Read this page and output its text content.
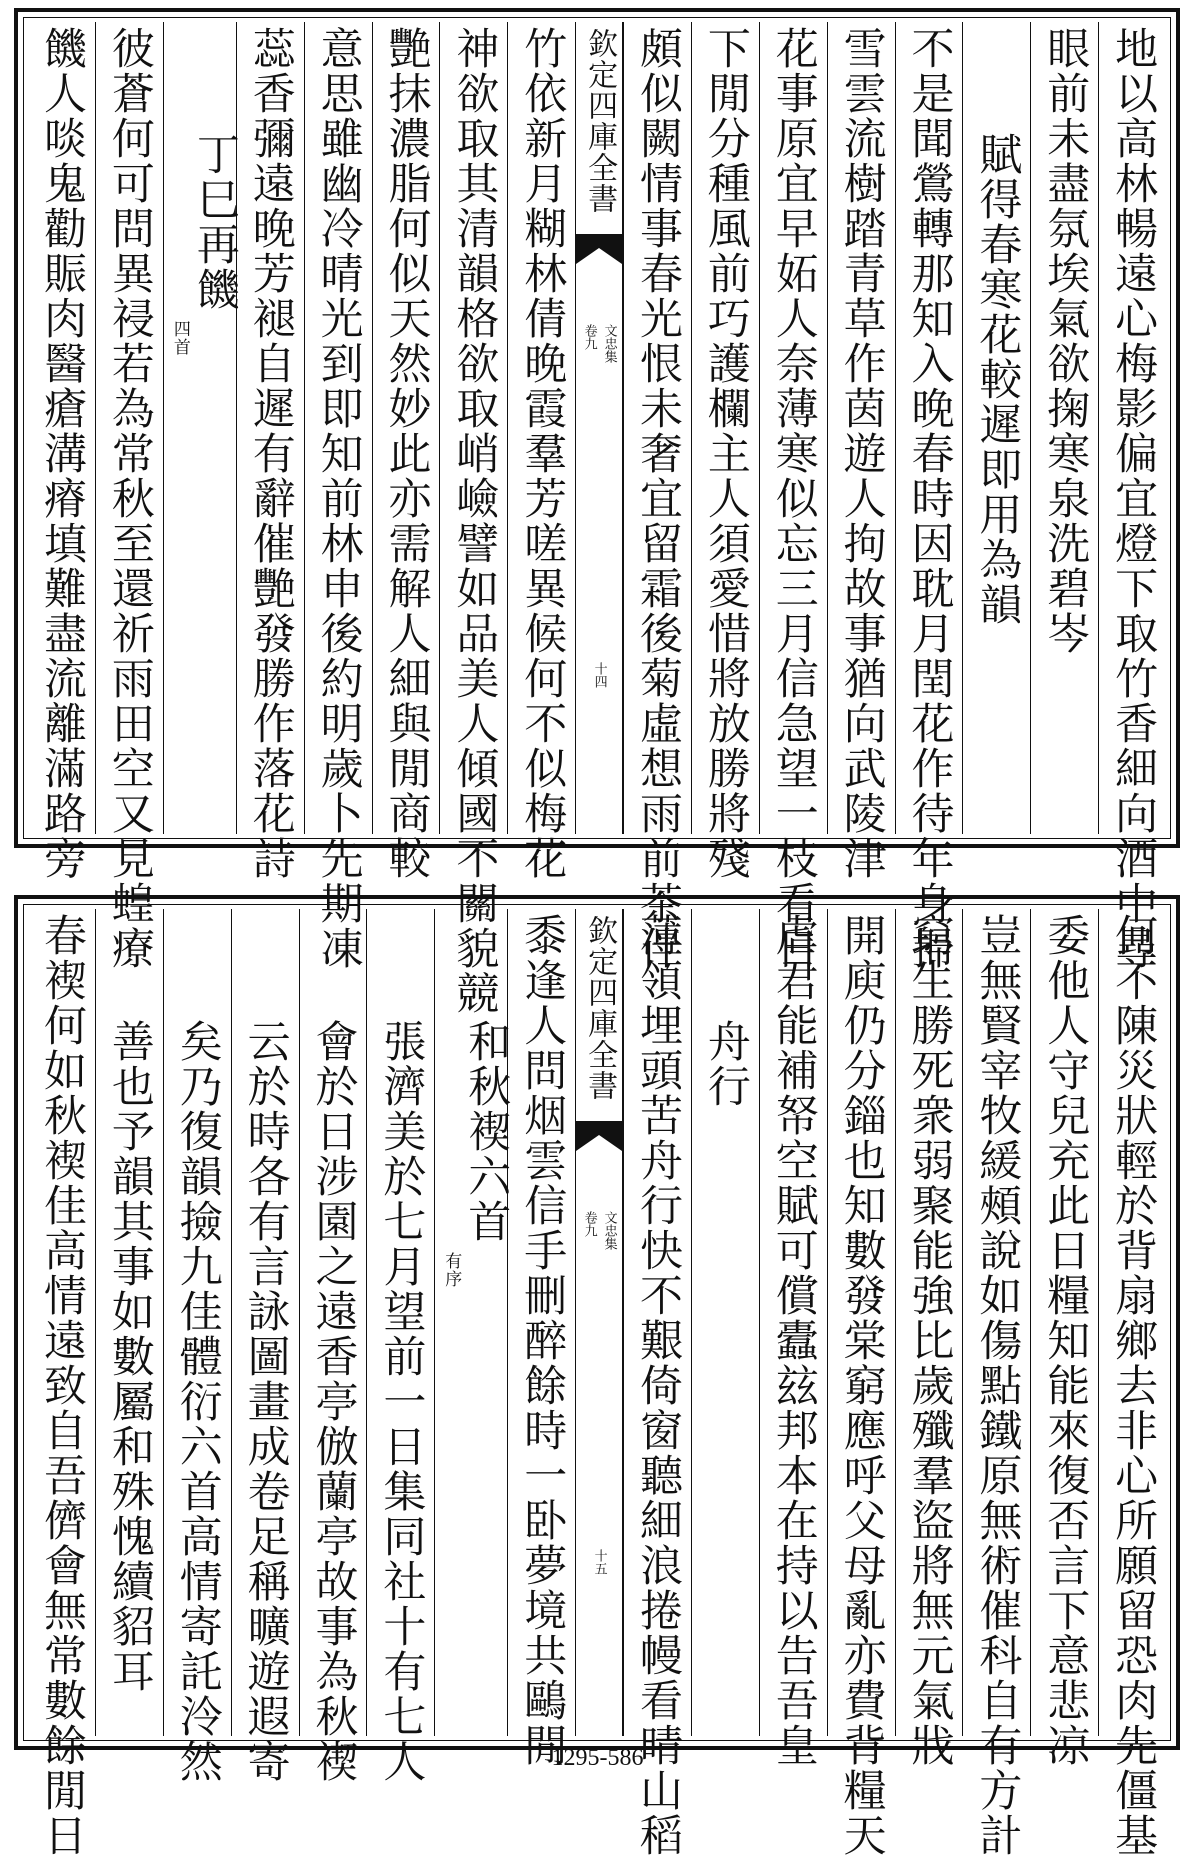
地以高林暢遠心梅影偏宜燈下取竹香細向酒中尋
眼前未盡氛埃氣欲掬寒泉洗碧岑
賦得春寒花較遲即用為韻
不是聞鶯轉那知入晚春時因耽月閏花作待年身掃
雪雲流樹踏青草作茵遊人拘故事猶向武陵津
花事原宜早妬人奈薄寒似忘三月信急望一枝看日
下閒分種風前巧護欄主人須愛惜將放勝將殘
頗似闕情事春光恨未奢宜留霜後菊虛想雨前茶伴
欽定四庫全書
文忠集
卷九
十四
竹依新月糊林倩晚霞羣芳嗟異候何不似梅花
神欲取其清韻格欲取峭嶮譬如品美人傾國不關貌競
艷抹濃脂何似天然妙此亦需解人細與閒商較
意思雖幽冷晴光到即知前林申後約明歲卜先期凍
蕊香彌遠晚芳褪自遲有辭催艷發勝作落花詩
丁巳再饑
四首
彼蒼何可問異祲若為常秋至還祈雨田空又見蝗療
饑人啖鬼勸賑肉醫瘡溝瘠填難盡流離滿路旁
何不陳災狀輕於背扇鄉去非心所願留恐肉先僵基
委他人守兒充此日糧知能來復否言下意悲凉
豈無賢宰牧緩頰說如傷點鐵原無術催科自有方計
窮生勝死衆弱聚能強比歲殲羣盜將無元氣戕
開庾仍分錙也知數發棠窮應呼父母亂亦費背糧天
虐君能補帑空賦可償蠹玆邦本在持以告吾皇
舟行
薄領埋頭苦舟行快不艱倚窗聽細浪捲幔看晴山稻
欽定四庫全書
文忠集
卷九
十五
黍逢人問烟雲信手刪醉餘時一卧夢境共鷗閒
和秋褉六首
有序
張濟美於七月望前一日集同社十有七人
會於日涉園之遠香亭倣蘭亭故事為秋褉
云於時各有言詠圖畫成卷足稱曠遊遐寄
矣乃復韻撿九佳體衍六首高情寄託泠然
善也予韻其事如數屬和殊愧續貂耳
春褉何如秋褉佳高情遠致自吾儕會無常數餘閒日	1295-586
